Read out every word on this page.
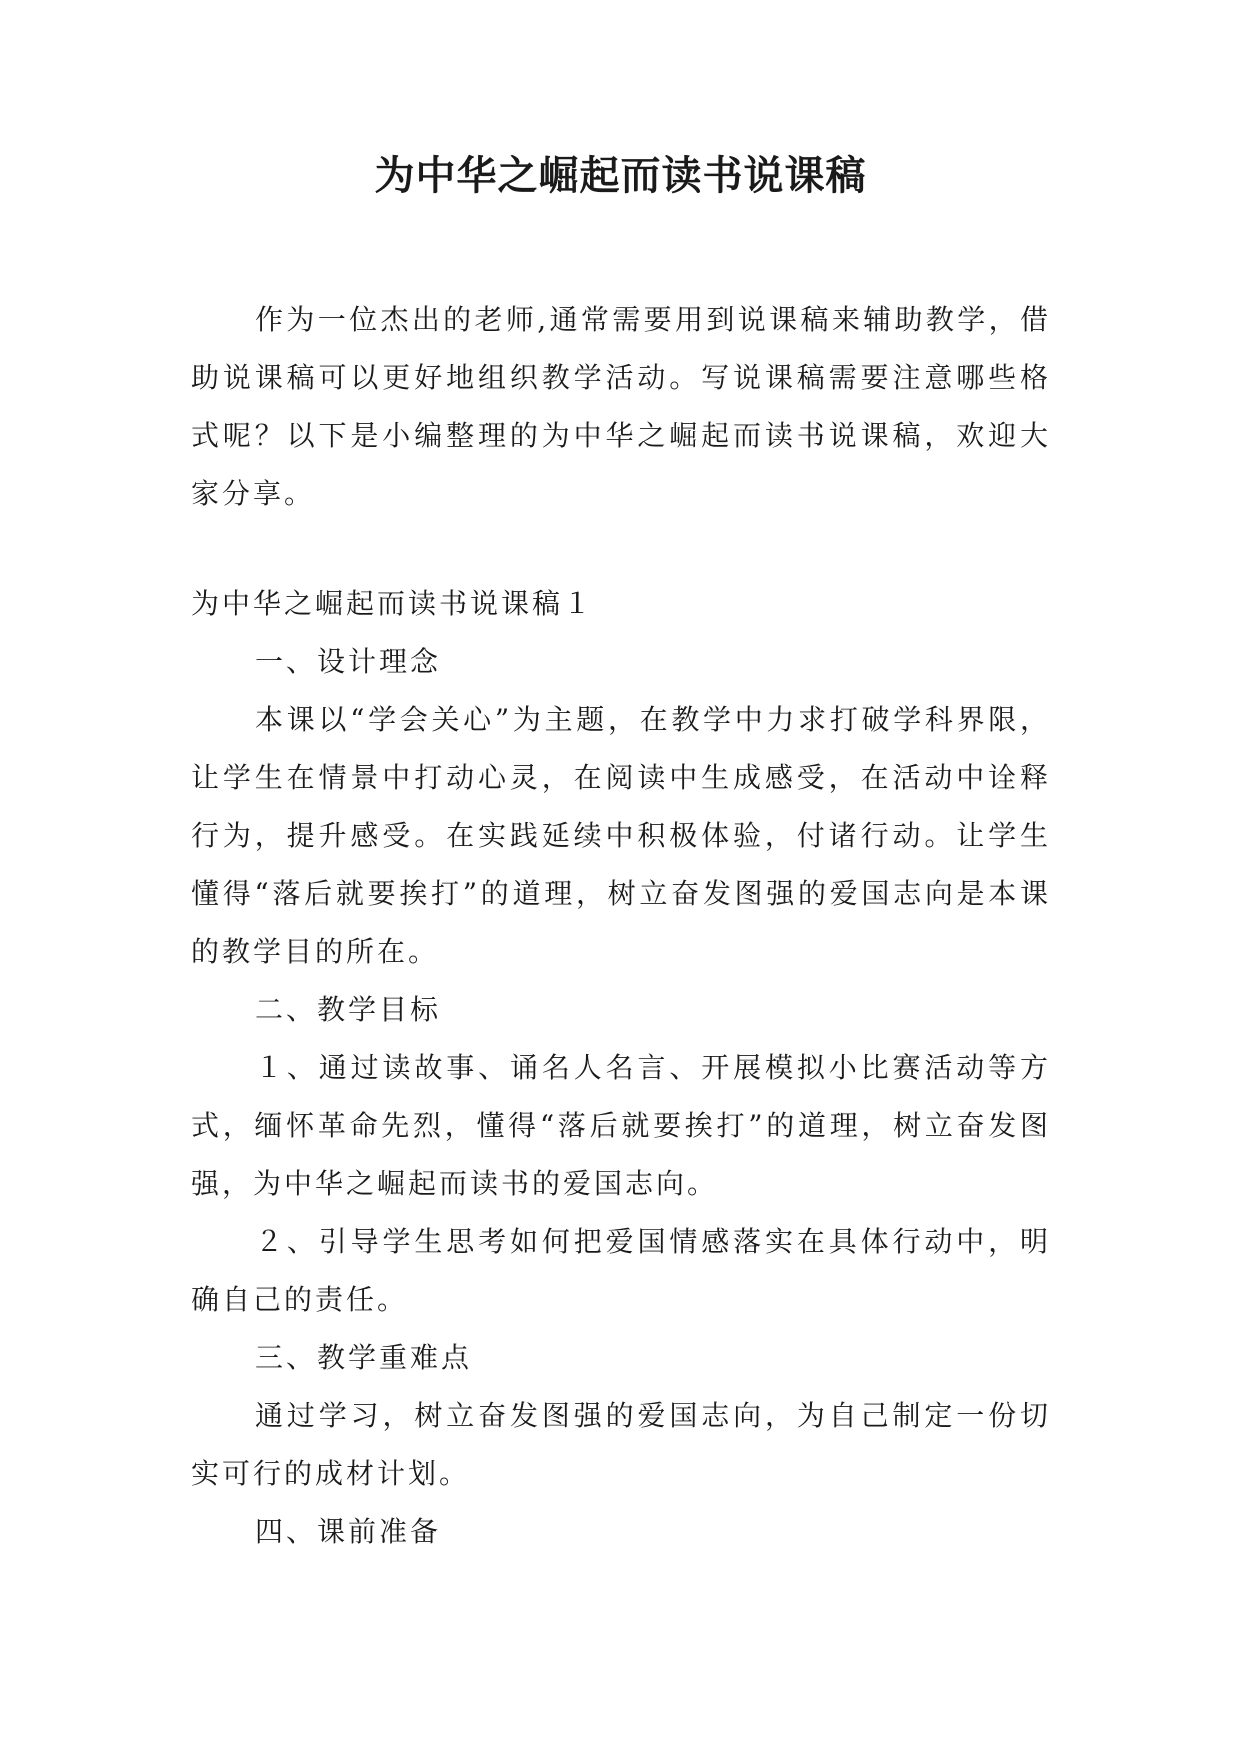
为中华之崛起而读书说课稿

作为一位杰出的老师,通常需要用到说课稿来辅助教学，借助说课稿可以更好地组织教学活动。写说课稿需要注意哪些格式呢？以下是小编整理的为中华之崛起而读书说课稿，欢迎大家分享。

为中华之崛起而读书说课稿１

一、设计理念

本课以“学会关心”为主题，在教学中力求打破学科界限，让学生在情景中打动心灵，在阅读中生成感受，在活动中诠释行为，提升感受。在实践延续中积极体验，付诸行动。让学生懂得“落后就要挨打”的道理，树立奋发图强的爱国志向是本课的教学目的所在。

二、教学目标

１、通过读故事、诵名人名言、开展模拟小比赛活动等方式，缅怀革命先烈，懂得“落后就要挨打”的道理，树立奋发图强，为中华之崛起而读书的爱国志向。

２、引导学生思考如何把爱国情感落实在具体行动中，明确自己的责任。

三、教学重难点

通过学习，树立奋发图强的爱国志向，为自己制定一份切实可行的成材计划。

四、课前准备
